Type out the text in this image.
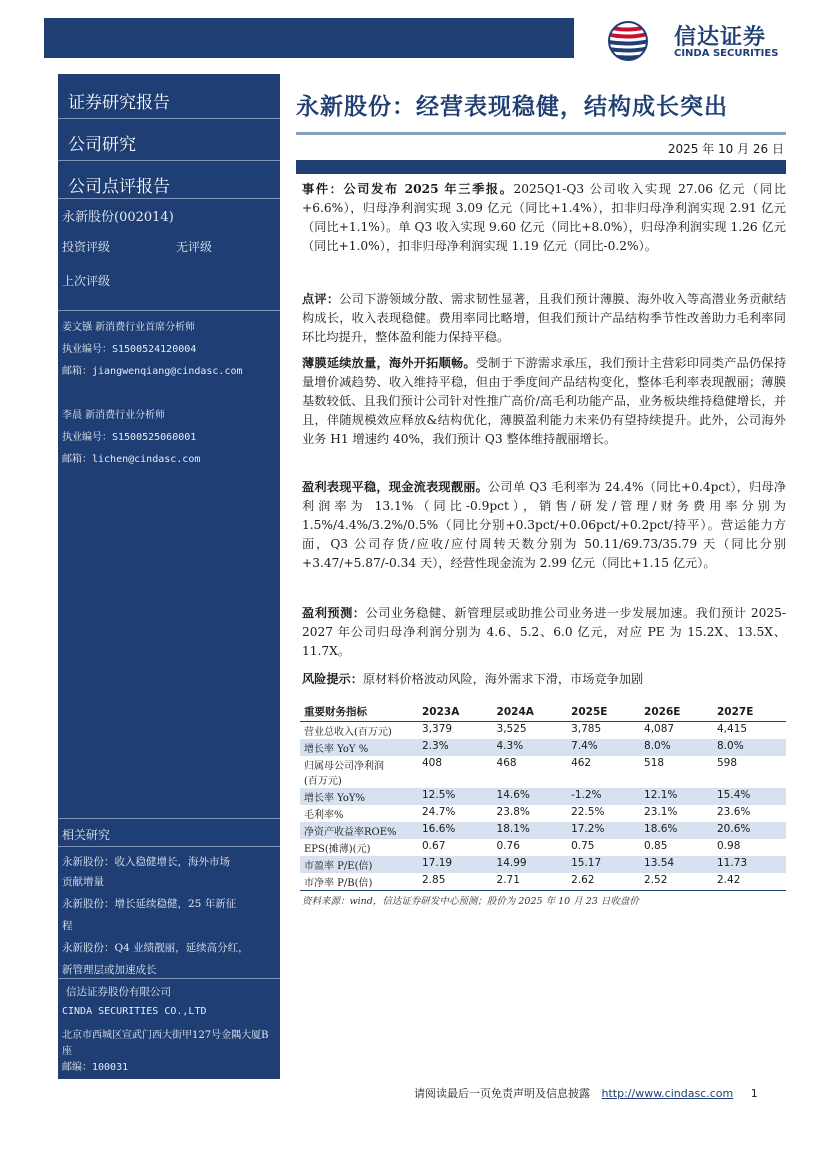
信达证券
CINDA SECURITIES
证券研究报告
公司研究
公司点评报告
永新股份(002014)
投资评级	无评级
上次评级
姜文镪 新消费行业首席分析师
执业编号：S1500524120004
邮箱：jiangwenqiang@cindasc.com
李晨 新消费行业分析师
执业编号：S1500525060001
邮箱：lichen@cindasc.com
相关研究
永新股份：收入稳健增长，海外市场
贡献增量
永新股份：增长延续稳健，25 年新征
程
永新股份：Q4 业绩靓丽，延续高分红，
新管理层或加速成长
信达证券股份有限公司
CINDA SECURITIES CO.,LTD
北京市西城区宣武门西大街甲127号金隅大厦B
座
邮编：100031
永新股份：经营表现稳健，结构成长突出
2025 年 10 月 26 日
事件：公司发布 2025 年三季报。2025Q1-Q3 公司收入实现 27.06 亿元（同比+6.6%），归母净利润实现 3.09 亿元（同比+1.4%），扣非归母净利润实现 2.91 亿元（同比+1.1%）。单 Q3 收入实现 9.60 亿元（同比+8.0%），归母净利润实现 1.26 亿元（同比+1.0%），扣非归母净利润实现 1.19 亿元（同比-0.2%）。
点评：公司下游领域分散、需求韧性显著，且我们预计薄膜、海外收入等高潜业务贡献结构成长，收入表现稳健。费用率同比略增，但我们预计产品结构季节性改善助力毛利率同环比均提升，整体盈利能力保持平稳。
薄膜延续放量，海外开拓顺畅。受制于下游需求承压，我们预计主营彩印同类产品仍保持量增价减趋势、收入维持平稳，但由于季度间产品结构变化，整体毛利率表现靓丽；薄膜基数较低、且我们预计公司针对性推广高价/高毛利功能产品，业务板块维持稳健增长，并且，伴随规模效应释放&结构优化，薄膜盈利能力未来仍有望持续提升。此外，公司海外业务 H1 增速约 40%，我们预计 Q3 整体维持靓丽增长。
盈利表现平稳，现金流表现靓丽。公司单 Q3 毛利率为 24.4%（同比+0.4pct），归母净利润率为 13.1%（同比-0.9pct），销售/研发/管理/财务费用率分别为 1.5%/4.4%/3.2%/0.5%（同比分别+0.3pct/+0.06pct/+0.2pct/持平）。营运能力方面，Q3 公司存货/应收/应付周转天数分别为 50.11/69.73/35.79 天（同比分别+3.47/+5.87/-0.34 天），经营性现金流为 2.99 亿元（同比+1.15 亿元）。
盈利预测：公司业务稳健、新管理层或助推公司业务进一步发展加速。我们预计 2025-2027 年公司归母净利润分别为 4.6、5.2、6.0 亿元，对应 PE 为 15.2X、13.5X、11.7X。
风险提示：原材料价格波动风险，海外需求下滑，市场竞争加剧
重要财务指标	2023A	2024A	2025E	2026E	2027E
营业总收入(百万元)	3,379	3,525	3,785	4,087	4,415
增长率 YoY %	2.3%	4.3%	7.4%	8.0%	8.0%
归属母公司净利润
(百万元)	408	468	462	518	598
增长率 YoY%	12.5%	14.6%	-1.2%	12.1%	15.4%
毛利率%	24.7%	23.8%	22.5%	23.1%	23.6%
净资产收益率ROE%	16.6%	18.1%	17.2%	18.6%	20.6%
EPS(摊薄)(元)	0.67	0.76	0.75	0.85	0.98
市盈率 P/E(倍)	17.19	14.99	15.17	13.54	11.73
市净率 P/B(倍)	2.85	2.71	2.62	2.52	2.42
资料来源：wind，信达证券研发中心预测；股价为 2025 年 10 月 23 日收盘价
请阅读最后一页免责声明及信息披露 http://www.cindasc.com 1
